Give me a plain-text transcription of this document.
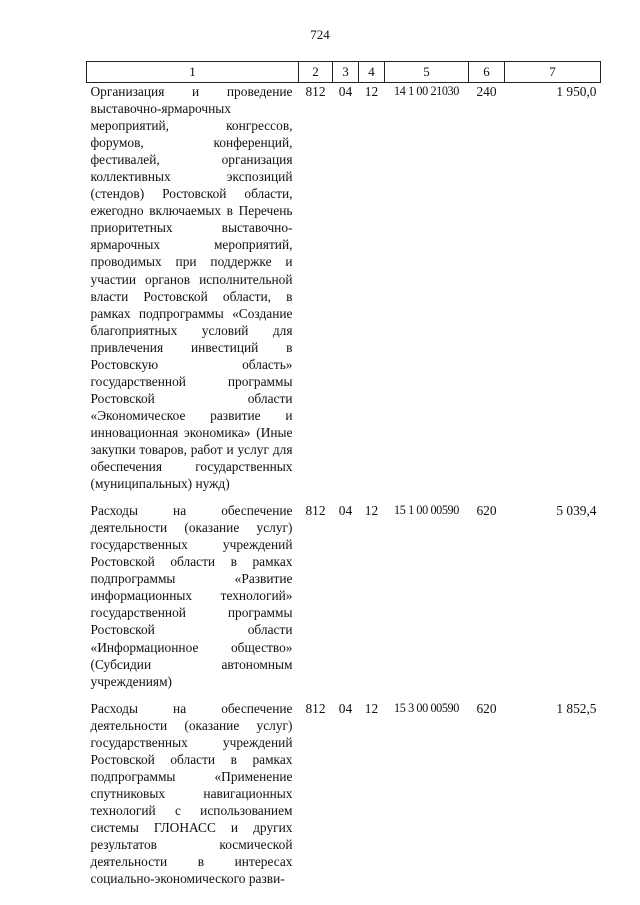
724
1	2	3	4	5	6	7
Организация и проведение выставочно-ярмарочных мероприятий, конгрессов, форумов, конференций, фестивалей, организация коллективных экспозиций (стендов) Ростовской области, ежегодно включаемых в Перечень приоритетных выставочно-ярмарочных мероприятий, проводимых при поддержке и участии органов исполнительной власти Ростовской области, в рамках подпрограммы «Создание благоприятных условий для привлечения инвестиций в Ростовскую область» государственной программы Ростовской области «Экономическое развитие и инновационная экономика» (Иные закупки товаров, работ и услуг для обеспечения государственных (муниципальных) нужд)	812	04	12	14 1 00 21030	240	1 950,0
Расходы на обеспечение деятельности (оказание услуг) государственных учреждений Ростовской области в рамках подпрограммы «Развитие информационных технологий» государственной программы Ростовской области «Информационное общество» (Субсидии автономным учреждениям)	812	04	12	15 1 00 00590	620	5 039,4
Расходы на обеспечение деятельности (оказание услуг) государственных учреждений Ростовской области в рамках подпрограммы «Применение спутниковых навигационных технологий с использованием системы ГЛОНАСС и других результатов космической деятельности в интересах социально-экономического разви-	812	04	12	15 3 00 00590	620	1 852,5
